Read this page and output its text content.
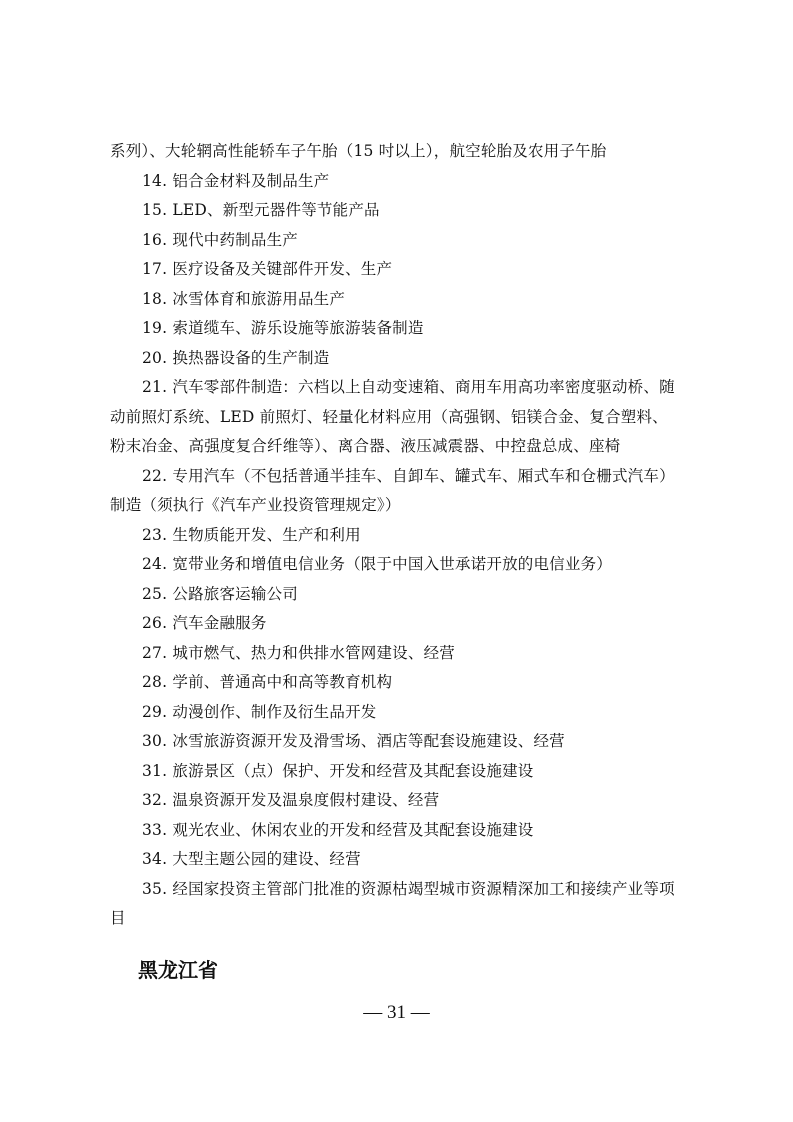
系列）、大轮辋高性能轿车子午胎（15 吋以上），航空轮胎及农用子午胎

14. 铝合金材料及制品生产

15. LED、新型元器件等节能产品

16. 现代中药制品生产

17. 医疗设备及关键部件开发、生产

18. 冰雪体育和旅游用品生产

19. 索道缆车、游乐设施等旅游装备制造

20. 换热器设备的生产制造

21. 汽车零部件制造：六档以上自动变速箱、商用车用高功率密度驱动桥、随

动前照灯系统、LED 前照灯、轻量化材料应用（高强钢、铝镁合金、复合塑料、

粉末冶金、高强度复合纤维等）、离合器、液压减震器、中控盘总成、座椅

22. 专用汽车（不包括普通半挂车、自卸车、罐式车、厢式车和仓栅式汽车）

制造（须执行《汽车产业投资管理规定》）

23. 生物质能开发、生产和利用

24. 宽带业务和增值电信业务（限于中国入世承诺开放的电信业务）

25. 公路旅客运输公司

26. 汽车金融服务

27. 城市燃气、热力和供排水管网建设、经营

28. 学前、普通高中和高等教育机构

29. 动漫创作、制作及衍生品开发

30. 冰雪旅游资源开发及滑雪场、酒店等配套设施建设、经营

31. 旅游景区（点）保护、开发和经营及其配套设施建设

32. 温泉资源开发及温泉度假村建设、经营

33. 观光农业、休闲农业的开发和经营及其配套设施建设

34. 大型主题公园的建设、经营

35. 经国家投资主管部门批准的资源枯竭型城市资源精深加工和接续产业等项

目

黑龙江省
— 31 —
